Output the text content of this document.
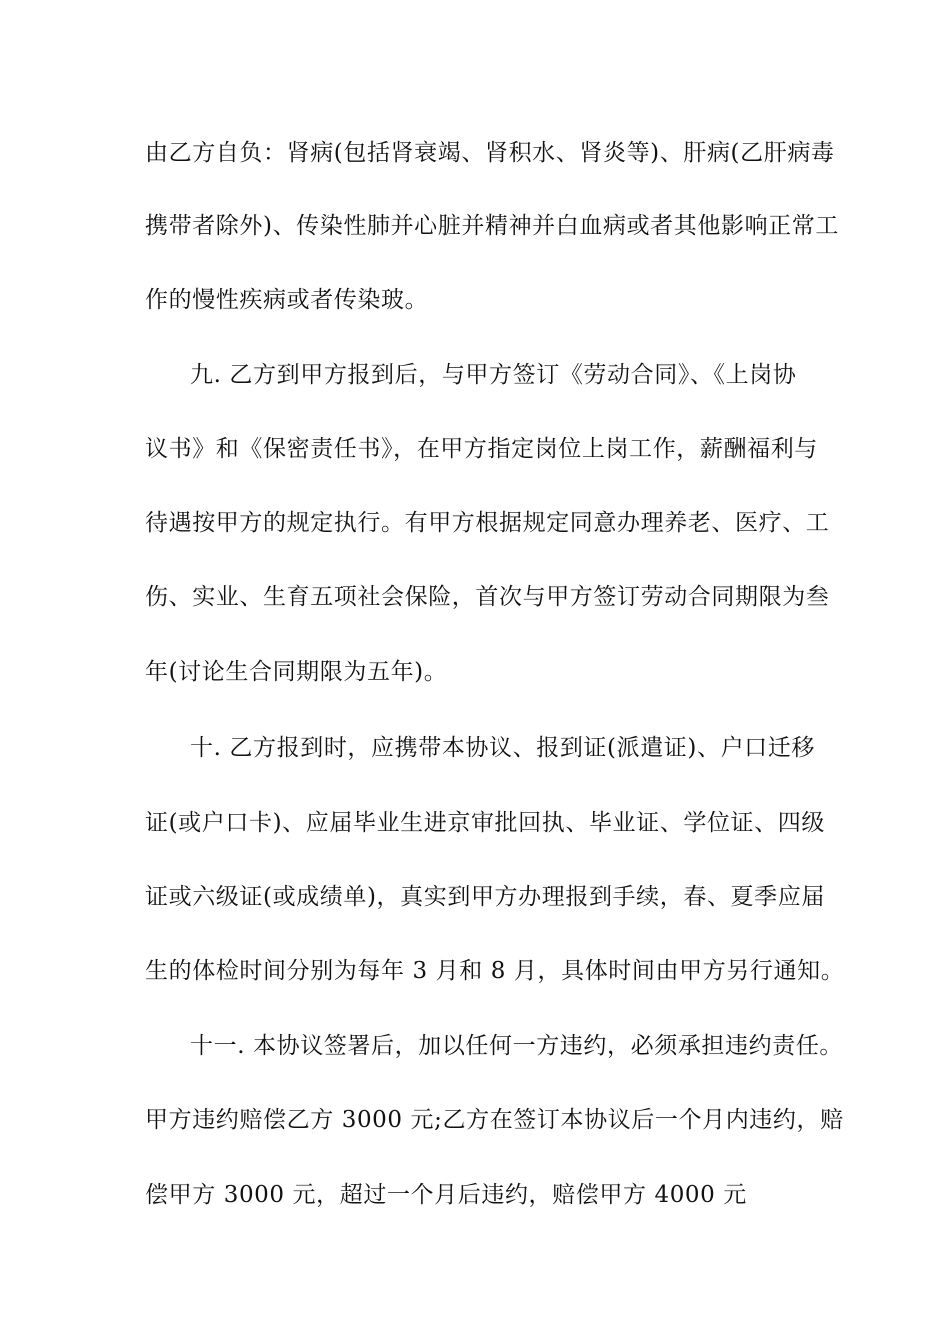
由乙方自负：肾病(包括肾衰竭、肾积水、肾炎等)、肝病(乙肝病毒
携带者除外)、传染性肺并心脏并精神并白血病或者其他影响正常工
作的慢性疾病或者传染玻。
九. 乙方到甲方报到后，与甲方签订《劳动合同》、《上岗协
议书》和《保密责任书》，在甲方指定岗位上岗工作，薪酬福利与
待遇按甲方的规定执行。有甲方根据规定同意办理养老、医疗、工
伤、实业、生育五项社会保险，首次与甲方签订劳动合同期限为叁
年(讨论生合同期限为五年)。
十. 乙方报到时，应携带本协议、报到证(派遣证)、户口迁移
证(或户口卡)、应届毕业生进京审批回执、毕业证、学位证、四级
证或六级证(或成绩单)，真实到甲方办理报到手续，春、夏季应届
生的体检时间分别为每年 3 月和 8 月，具体时间由甲方另行通知。
十一. 本协议签署后，加以任何一方违约，必须承担违约责任。
甲方违约赔偿乙方 3000 元;乙方在签订本协议后一个月内违约，赔
偿甲方 3000 元，超过一个月后违约，赔偿甲方 4000 元
